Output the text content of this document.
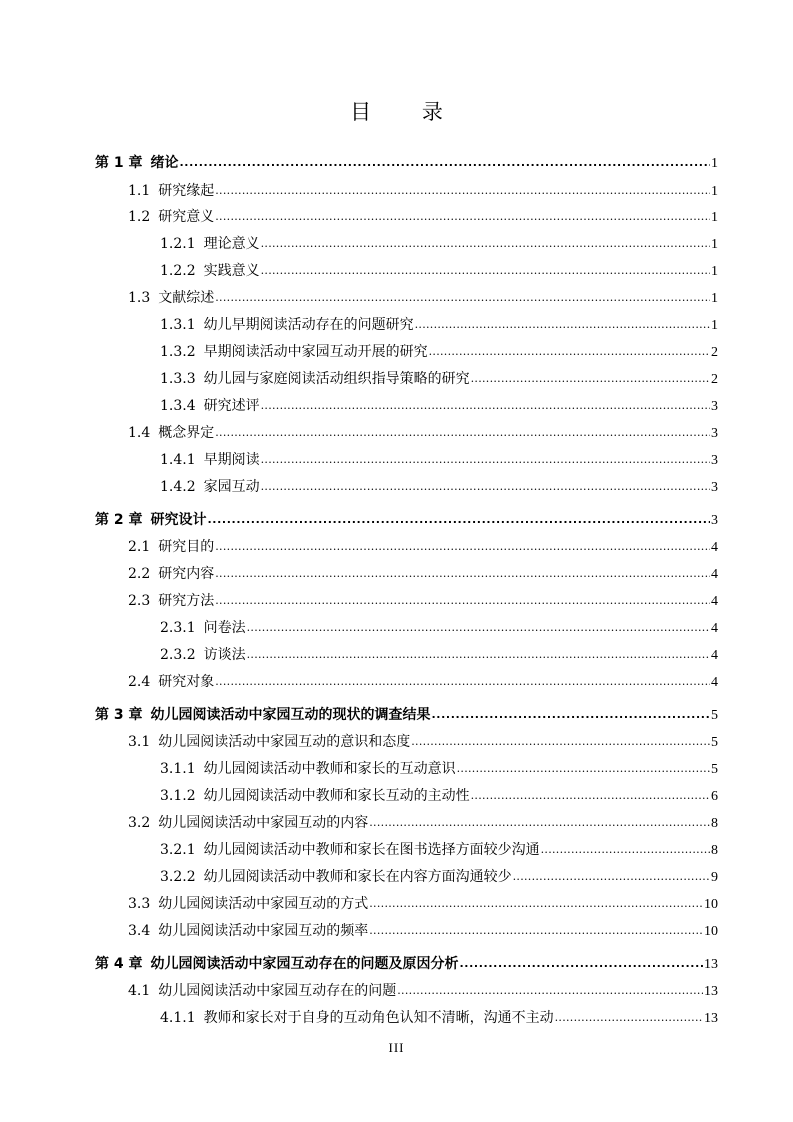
目 录
第 1 章 绪论 . . .	1
1.1 研究缘起 . . .	1
1.2 研究意义 . . .	1
1.2.1 理论意义 . . .	1
1.2.2 实践意义 . . .	1
1.3 文献综述 . . .	1
1.3.1 幼儿早期阅读活动存在的问题研究 . . .	1
1.3.2 早期阅读活动中家园互动开展的研究 . . .	2
1.3.3 幼儿园与家庭阅读活动组织指导策略的研究 . . .	2
1.3.4 研究述评 . . .	3
1.4 概念界定 . . .	3
1.4.1 早期阅读 . . .	3
1.4.2 家园互动 . . .	3
第 2 章 研究设计 . . .	3
2.1 研究目的 . . .	4
2.2 研究内容 . . .	4
2.3 研究方法 . . .	4
2.3.1 问卷法 . . .	4
2.3.2 访谈法 . . .	4
2.4 研究对象 . . .	4
第 3 章 幼儿园阅读活动中家园互动的现状的调查结果 . . .	5
3.1 幼儿园阅读活动中家园互动的意识和态度 . . .	5
3.1.1 幼儿园阅读活动中教师和家长的互动意识 . . .	5
3.1.2 幼儿园阅读活动中教师和家长互动的主动性 . . .	6
3.2 幼儿园阅读活动中家园互动的内容 . . .	8
3.2.1 幼儿园阅读活动中教师和家长在图书选择方面较少沟通 . . .	8
3.2.2 幼儿园阅读活动中教师和家长在内容方面沟通较少 . . .	9
3.3 幼儿园阅读活动中家园互动的方式 . . .	10
3.4 幼儿园阅读活动中家园互动的频率 . . .	10
第 4 章 幼儿园阅读活动中家园互动存在的问题及原因分析 . . .	13
4.1 幼儿园阅读活动中家园互动存在的问题 . . .	13
4.1.1 教师和家长对于自身的互动角色认知不清晰，沟通不主动 . . .	13
III
